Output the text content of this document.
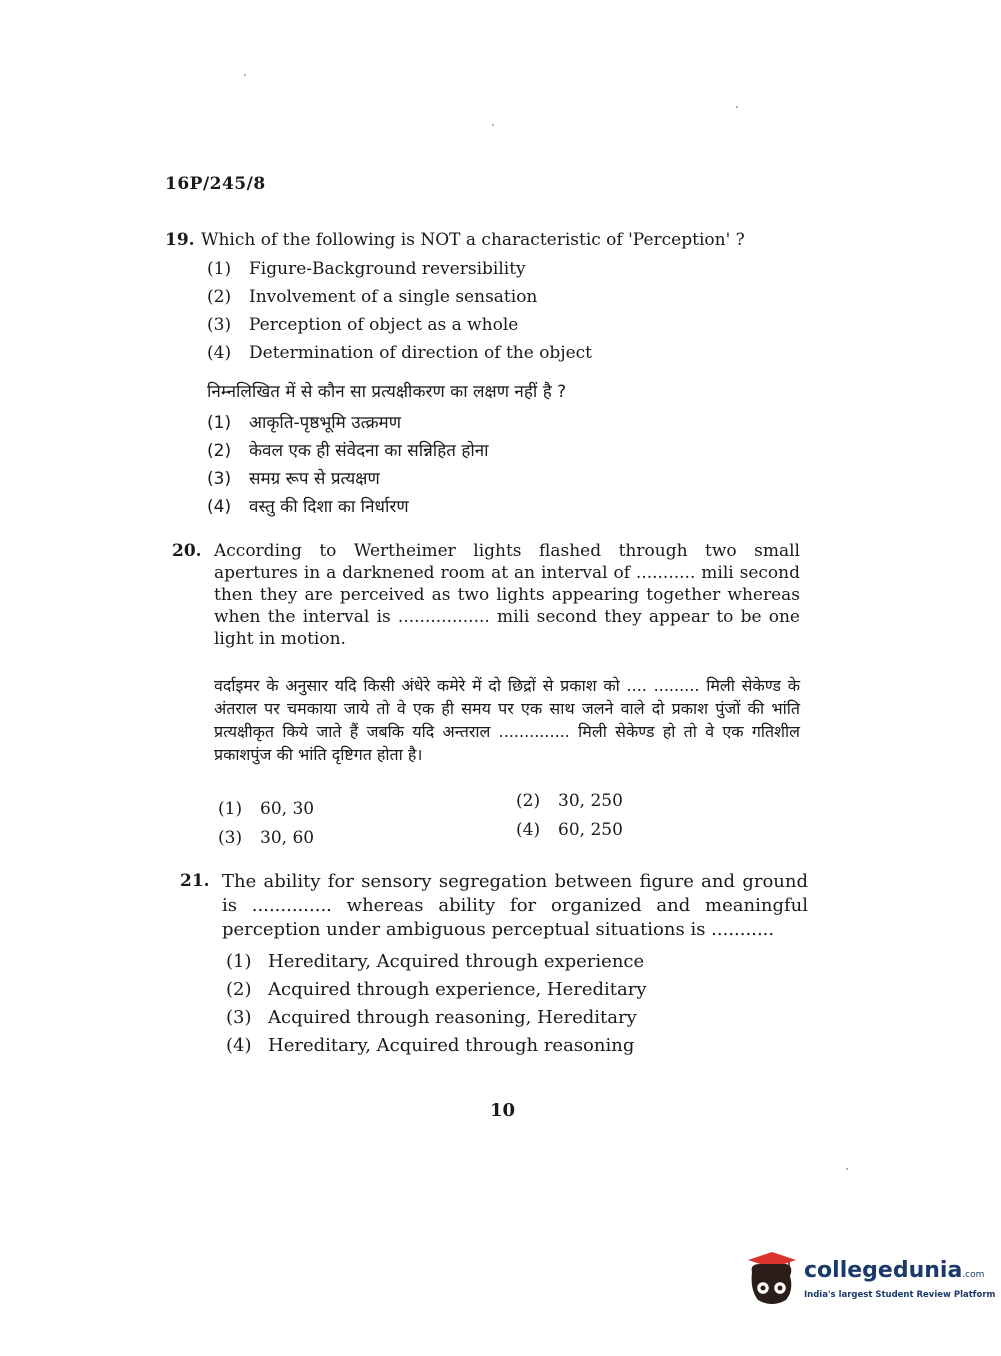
16P/245/8
19. Which of the following is NOT a characteristic of 'Perception' ?
(1) Figure-Background reversibility
(2) Involvement of a single sensation
(3) Perception of object as a whole
(4) Determination of direction of the object
निम्नलिखित में से कौन सा प्रत्यक्षीकरण का लक्षण नहीं है ?
(1) आकृति-पृष्ठभूमि उत्क्रमण
(2) केवल एक ही संवेदना का सन्निहित होना
(3) समग्र रूप से प्रत्यक्षण
(4) वस्तु की दिशा का निर्धारण
20. According to Wertheimer lights flashed through two small apertures in a darknened room at an interval of ........... mili second then they are perceived as two lights appearing together whereas when the interval is ................. mili second they appear to be one light in motion.
वर्दाइमर के अनुसार यदि किसी अंधेरे कमेरे में दो छिद्रों से प्रकाश को .... ......... मिली सेकेण्ड के अंतराल पर चमकाया जाये तो वे एक ही समय पर एक साथ जलने वाले दो प्रकाश पुंजों की भांति प्रत्यक्षीकृत किये जाते हैं जबकि यदि अन्तराल .............. मिली सेकेण्ड हो तो वे एक गतिशील प्रकाशपुंज की भांति दृष्टिगत होता है।
(1) 60, 30	(2) 30, 250
(3) 30, 60	(4) 60, 250
21. The ability for sensory segregation between figure and ground is .............. whereas ability for organized and meaningful perception under ambiguous perceptual situations is ...........
(1) Hereditary, Acquired through experience
(2) Acquired through experience, Hereditary
(3) Acquired through reasoning, Hereditary
(4) Hereditary, Acquired through reasoning
10
collegedunia.com
India's largest Student Review Platform
